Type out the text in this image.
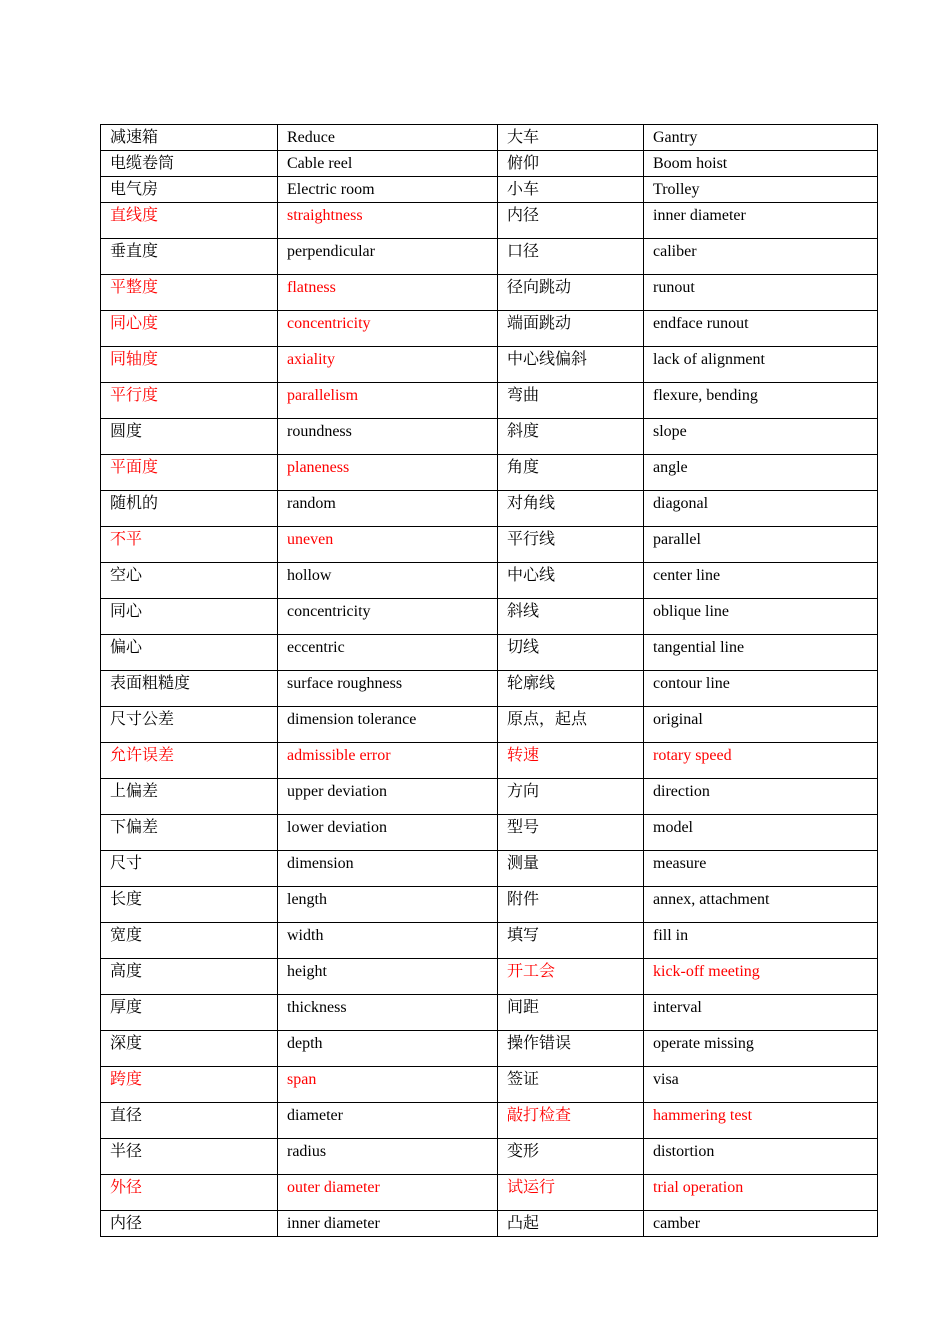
减速箱	Reduce	大车	Gantry
电缆卷筒	Cable reel	俯仰	Boom hoist
电气房	Electric room	小车	Trolley
直线度	straightness	内径	inner diameter
垂直度	perpendicular	口径	caliber
平整度	flatness	径向跳动	runout
同心度	concentricity	端面跳动	endface runout
同轴度	axiality	中心线偏斜	lack of alignment
平行度	parallelism	弯曲	flexure, bending
圆度	roundness	斜度	slope
平面度	planeness	角度	angle
随机的	random	对角线	diagonal
不平	uneven	平行线	parallel
空心	hollow	中心线	center line
同心	concentricity	斜线	oblique line
偏心	eccentric	切线	tangential line
表面粗糙度	surface roughness	轮廓线	contour line
尺寸公差	dimension tolerance	原点，起点	original
允许误差	admissible error	转速	rotary speed
上偏差	upper deviation	方向	direction
下偏差	lower deviation	型号	model
尺寸	dimension	测量	measure
长度	length	附件	annex, attachment
宽度	width	填写	fill in
高度	height	开工会	kick-off meeting
厚度	thickness	间距	interval
深度	depth	操作错误	operate missing
跨度	span	签证	visa
直径	diameter	敲打检查	hammering test
半径	radius	变形	distortion
外径	outer diameter	试运行	trial operation
内径	inner diameter	凸起	camber
